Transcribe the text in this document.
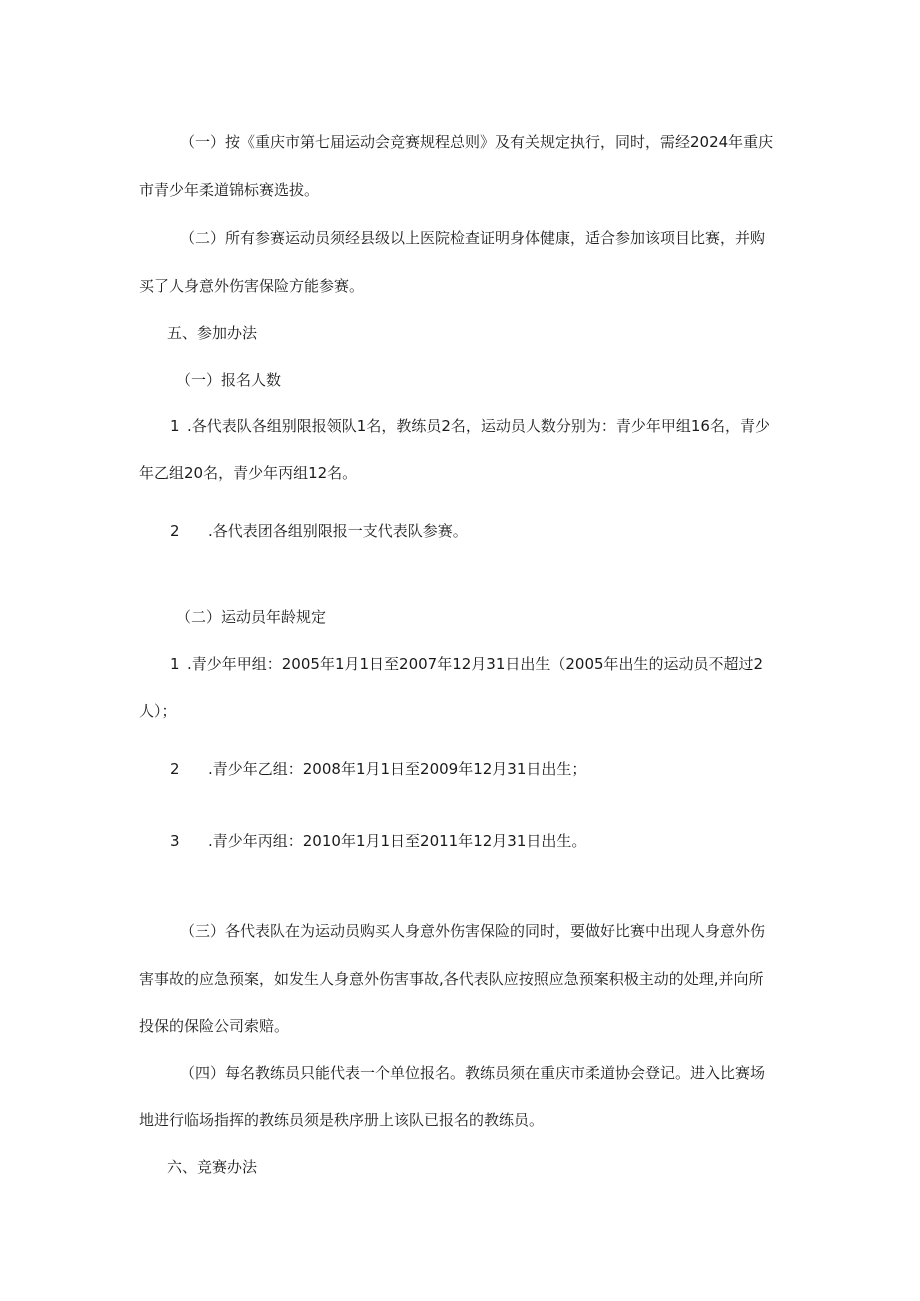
（一）按《重庆市第七届运动会竞赛规程总则》及有关规定执行，同时，需经2024年重庆
市青少年柔道锦标赛选拔。
（二）所有参赛运动员须经县级以上医院检查证明身体健康，适合参加该项目比赛，并购
买了人身意外伤害保险方能参赛。
五、参加办法
（一）报名人数
1 .各代表队各组别限报领队1名，教练员2名，运动员人数分别为：青少年甲组16名，青少
年乙组20名，青少年丙组12名。
2 .各代表团各组别限报一支代表队参赛。
（二）运动员年龄规定
1 .青少年甲组：2005年1月1日至2007年12月31日出生（2005年出生的运动员不超过2
人）；
2 .青少年乙组：2008年1月1日至2009年12月31日出生；
3 .青少年丙组：2010年1月1日至2011年12月31日出生。
（三）各代表队在为运动员购买人身意外伤害保险的同时，要做好比赛中出现人身意外伤
害事故的应急预案，如发生人身意外伤害事故,各代表队应按照应急预案积极主动的处理,并向所
投保的保险公司索赔。
（四）每名教练员只能代表一个单位报名。教练员须在重庆市柔道协会登记。进入比赛场
地进行临场指挥的教练员须是秩序册上该队已报名的教练员。
六、竞赛办法
